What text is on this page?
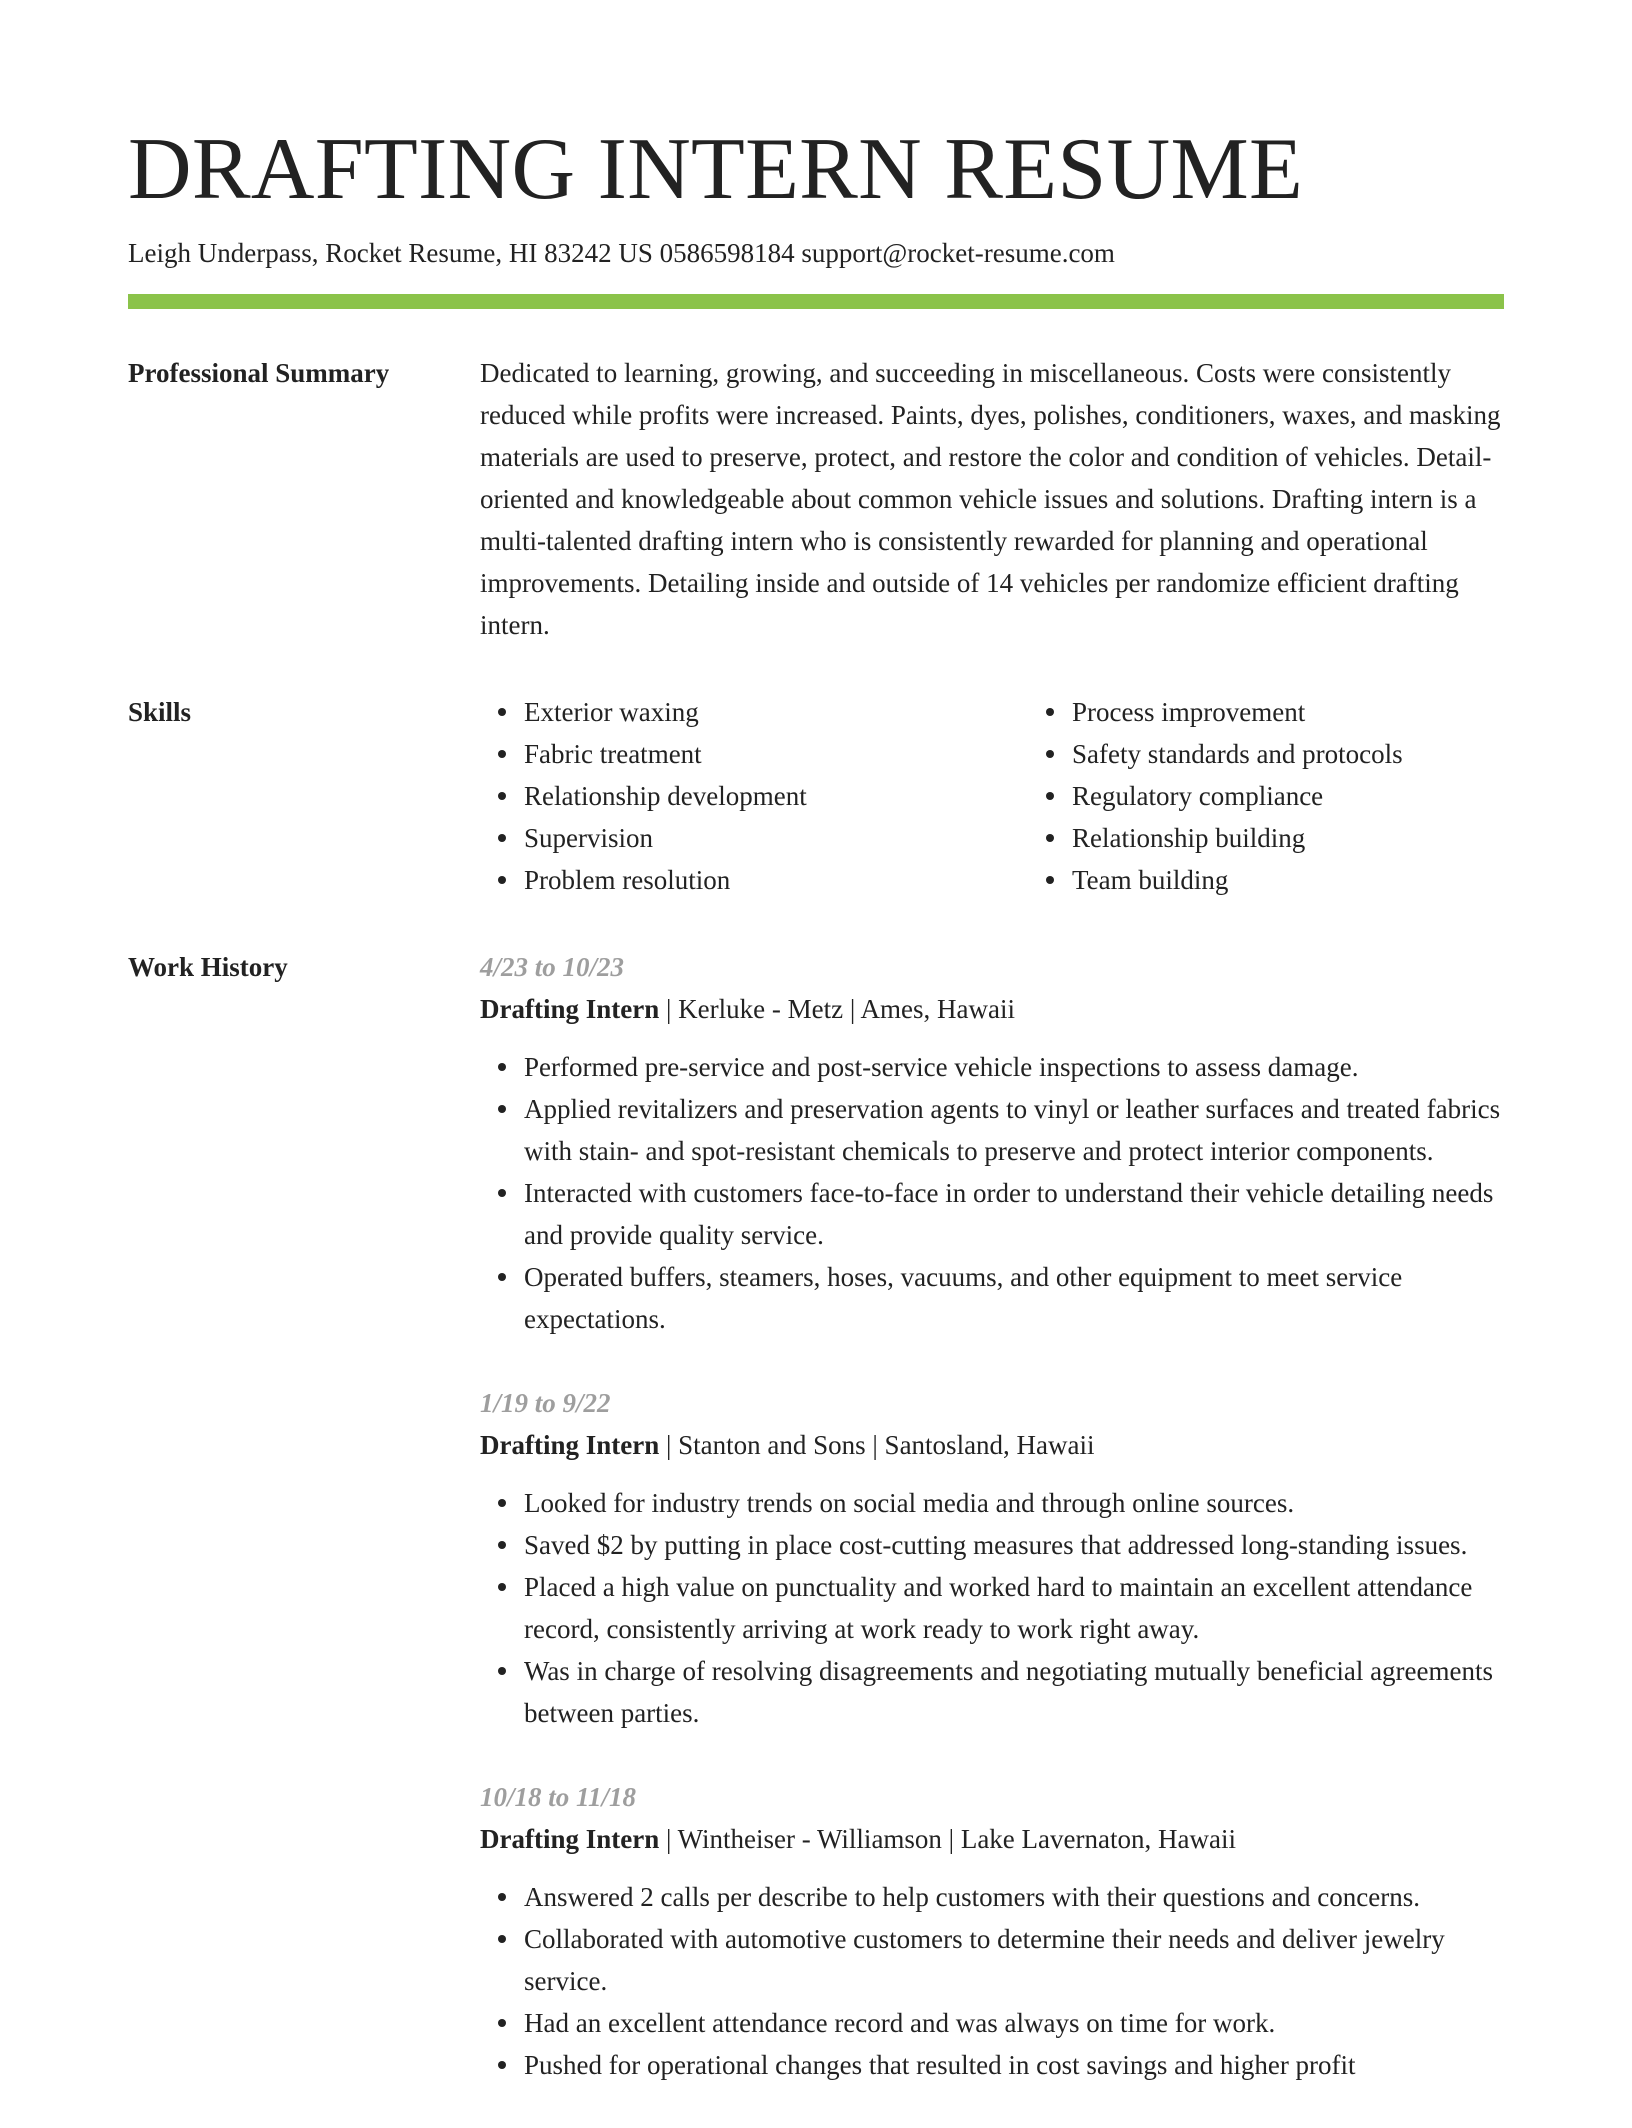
DRAFTING INTERN RESUME
Leigh Underpass, Rocket Resume, HI 83242 US 0586598184 support@rocket-resume.com
Professional Summary	Dedicated to learning, growing, and succeeding in miscellaneous. Costs were consistently reduced while profits were increased. Paints, dyes, polishes, conditioners, waxes, and masking materials are used to preserve, protect, and restore the color and condition of vehicles. Detail-oriented and knowledgeable about common vehicle issues and solutions. Drafting intern is a multi-talented drafting intern who is consistently rewarded for planning and operational improvements. Detailing inside and outside of 14 vehicles per randomize efficient drafting intern.

Skills	Exterior waxing
Fabric treatment
Relationship development
Supervision
Problem resolution
Process improvement
Safety standards and protocols
Regulatory compliance
Relationship building
Team building
Work History	4/23 to 10/23
Drafting Intern | Kerluke - Metz | Ames, Hawaii
Performed pre-service and post-service vehicle inspections to assess damage.
Applied revitalizers and preservation agents to vinyl or leather surfaces and treated fabrics with stain- and spot-resistant chemicals to preserve and protect interior components.
Interacted with customers face-to-face in order to understand their vehicle detailing needs and provide quality service.
Operated buffers, steamers, hoses, vacuums, and other equipment to meet service expectations.
1/19 to 9/22
Drafting Intern | Stanton and Sons | Santosland, Hawaii
Looked for industry trends on social media and through online sources.
Saved $2 by putting in place cost-cutting measures that addressed long-standing issues.
Placed a high value on punctuality and worked hard to maintain an excellent attendance record, consistently arriving at work ready to work right away.
Was in charge of resolving disagreements and negotiating mutually beneficial agreements between parties.
10/18 to 11/18
Drafting Intern | Wintheiser - Williamson | Lake Lavernaton, Hawaii
Answered 2 calls per describe to help customers with their questions and concerns.
Collaborated with automotive customers to determine their needs and deliver jewelry service.
Had an excellent attendance record and was always on time for work.
Pushed for operational changes that resulted in cost savings and higher profit
